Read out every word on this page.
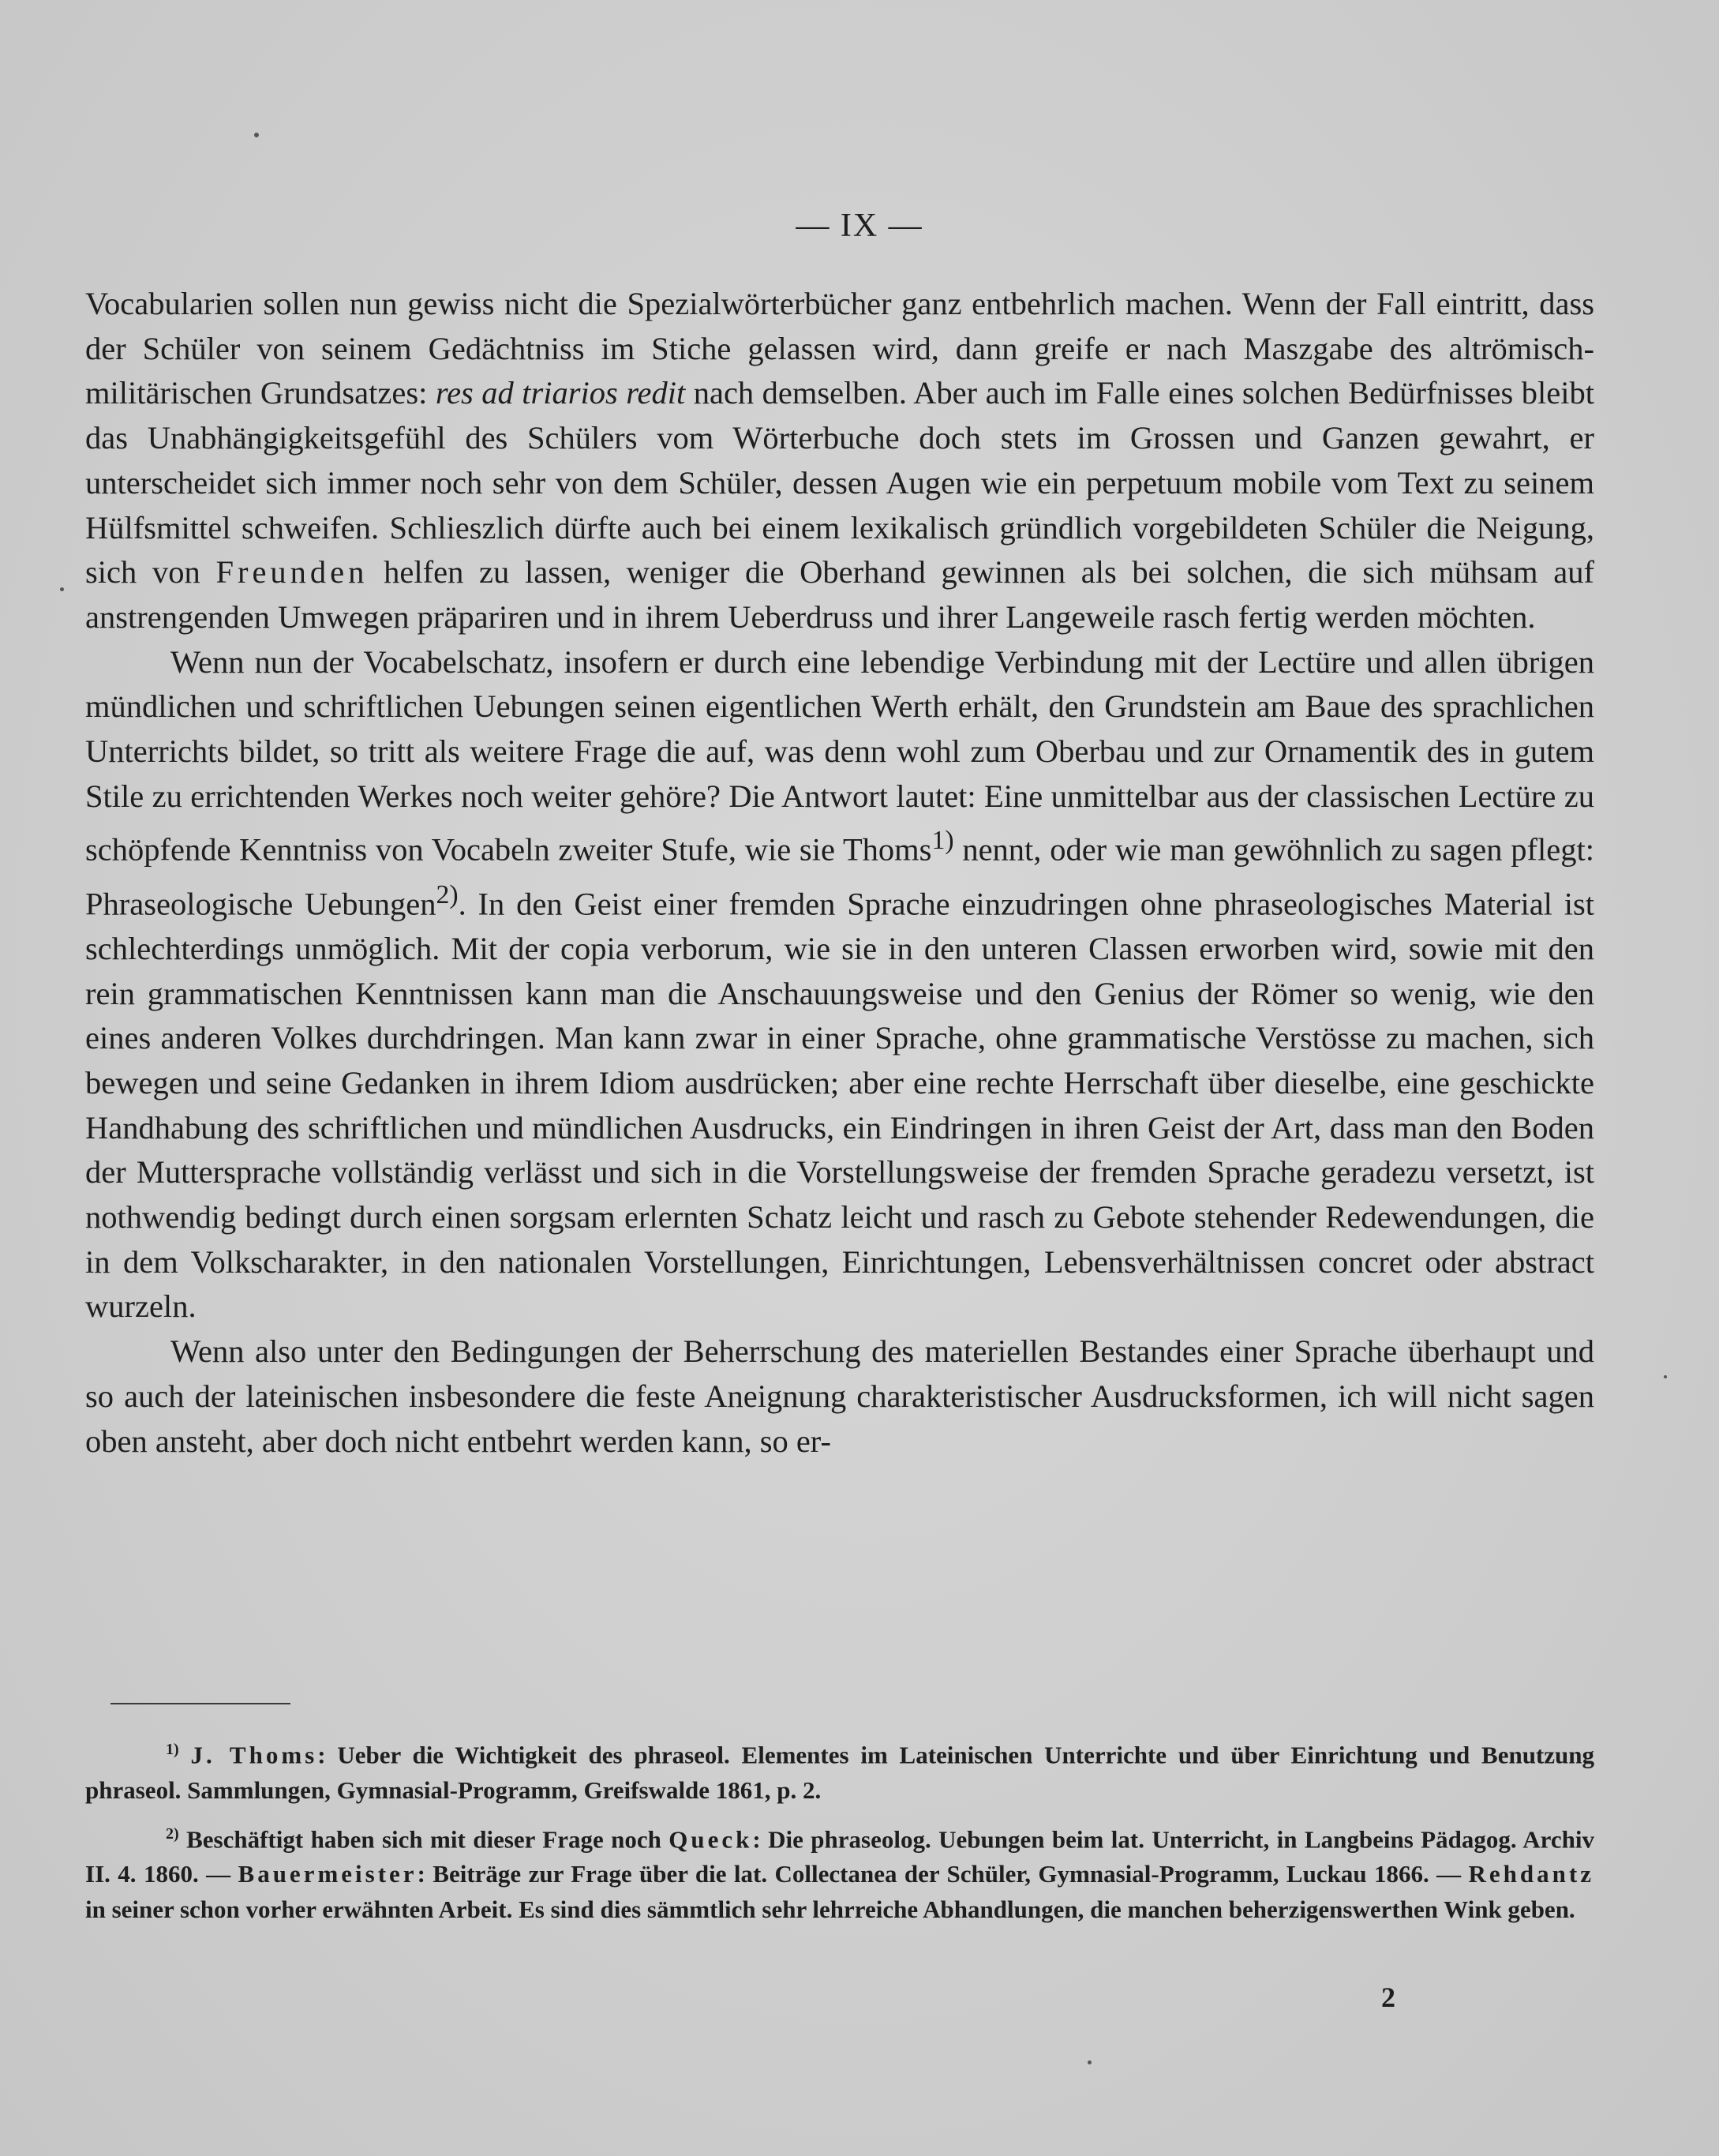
— IX —

Vocabularien sollen nun gewiss nicht die Spezialwörterbücher ganz entbehrlich machen. Wenn der Fall eintritt, dass der Schüler von seinem Gedächtniss im Stiche gelassen wird, dann greife er nach Maszgabe des altrömisch-militärischen Grundsatzes: res ad triarios redit nach demselben. Aber auch im Falle eines solchen Bedürfnisses bleibt das Unabhängigkeitsgefühl des Schülers vom Wörterbuche doch stets im Grossen und Ganzen gewahrt, er unterscheidet sich immer noch sehr von dem Schüler, dessen Augen wie ein perpetuum mobile vom Text zu seinem Hülfsmittel schweifen. Schlieszlich dürfte auch bei einem lexikalisch gründlich vorgebildeten Schüler die Neigung, sich von Freunden helfen zu lassen, weniger die Oberhand gewinnen als bei solchen, die sich mühsam auf anstrengenden Umwegen präpariren und in ihrem Ueberdruss und ihrer Langeweile rasch fertig werden möchten.

Wenn nun der Vocabelschatz, insofern er durch eine lebendige Verbindung mit der Lectüre und allen übrigen mündlichen und schriftlichen Uebungen seinen eigentlichen Werth erhält, den Grundstein am Baue des sprachlichen Unterrichts bildet, so tritt als weitere Frage die auf, was denn wohl zum Oberbau und zur Ornamentik des in gutem Stile zu errichtenden Werkes noch weiter gehöre? Die Antwort lautet: Eine unmittelbar aus der classischen Lectüre zu schöpfende Kenntniss von Vocabeln zweiter Stufe, wie sie Thoms$^{1)}$ nennt, oder wie man gewöhnlich zu sagen pflegt: Phraseologische Uebungen$^{2)}$. In den Geist einer fremden Sprache einzudringen ohne phraseologisches Material ist schlechterdings unmöglich. Mit der copia verborum, wie sie in den unteren Classen erworben wird, sowie mit den rein grammatischen Kenntnissen kann man die Anschauungsweise und den Genius der Römer so wenig, wie den eines anderen Volkes durchdringen. Man kann zwar in einer Sprache, ohne grammatische Verstösse zu machen, sich bewegen und seine Gedanken in ihrem Idiom ausdrücken; aber eine rechte Herrschaft über dieselbe, eine geschickte Handhabung des schriftlichen und mündlichen Ausdrucks, ein Eindringen in ihren Geist der Art, dass man den Boden der Muttersprache vollständig verlässt und sich in die Vorstellungsweise der fremden Sprache geradezu versetzt, ist nothwendig bedingt durch einen sorgsam erlernten Schatz leicht und rasch zu Gebote stehender Redewendungen, die in dem Volkscharakter, in den nationalen Vorstellungen, Einrichtungen, Lebensverhältnissen concret oder abstract wurzeln.

Wenn also unter den Bedingungen der Beherrschung des materiellen Bestandes einer Sprache überhaupt und so auch der lateinischen insbesondere die feste Aneignung charakteristischer Ausdrucksformen, ich will nicht sagen oben ansteht, aber doch nicht entbehrt werden kann, so er-

$^{1)}$ J. Thoms: Ueber die Wichtigkeit des phraseol. Elementes im Lateinischen Unterrichte und über Einrichtung und Benutzung phraseol. Sammlungen, Gymnasial-Programm, Greifswalde 1861, p. 2.

$^{2)}$ Beschäftigt haben sich mit dieser Frage noch Queck: Die phraseolog. Uebungen beim lat. Unterricht, in Langbeins Pädagog. Archiv II. 4. 1860. — Bauermeister: Beiträge zur Frage über die lat. Collectanea der Schüler, Gymnasial-Programm, Luckau 1866. — Rehdantz in seiner schon vorher erwähnten Arbeit. Es sind dies sämmtlich sehr lehrreiche Abhandlungen, die manchen beherzigenswerthen Wink geben.

2
